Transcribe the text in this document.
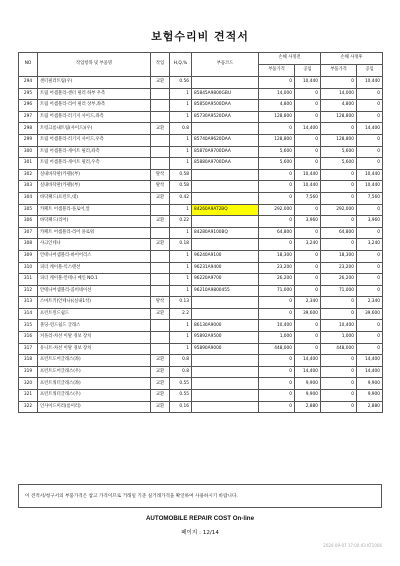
보험수리비 견적서
NO	작업항목 및 부품명	작업	H,Q,%	부품코드	손해 사정전		손해 사정후	
					부품가격	공임	부품가격	공임
294	센터필러트림(우)	교환	0.56		0	10,440	0	10,440
295	트림 어셈블리-센터 필러 하부 우측		1	85845A9800GBU	14,000	0	14,000	0
296	트림 어셈블리-리어 필러 상부,좌측		1	85850A9500DAA	4,800	0	4,800	0
297	트림 어셈블리-러기지 사이드,좌측		1	85730A9520DAA	128,800	0	128,800	0
298	트렁크룸내트림(사이드)(우)	교환	0.8		0	14,400	0	14,400
299	트림 어셈블리-러기지 사이드,우측		1	85740A9620DAA	128,800	0	128,800	0
300	트림 어셈블리-게이트 필러,좌측		1	85870A9700DAA	5,600	0	5,600	0
301	트림 어셈블리-게이트 필러,우측		1	85880A9700DAA	5,600	0	5,600	0
302	실내바닥판(카펫)(부)	탈착	0.58		0	10,440	0	10,440
303	실내바닥판(카펫)(부)	탈착	0.58		0	10,440	0	10,440
304	바닥패드(프런트,대)	교환	0.42		0	7,560	0	7,560
305	카페트 어셈블리-플로어,앞		1	84260A9AT2BQ	292,000	0	292,000	0
306	바닥패드(리어)	교환	0.22		0	3,960	0	3,960
307	카페트 어셈블리-리어 플로워		1	84280A9100BQ	64,800	0	64,800	0
308	샤크안테나	교환	0.18		0	3,240	0	3,240
309	안테나어셈블리-바이어리스		1	96240A9100	18,300	0	18,300	0
310	피더 케이블-익스텐션		1	96231A9400	23,200	0	23,200	0
311	피더 케이블-안테나 메인 NO.1		1	96220A9700	26,200	0	26,200	0
312	안테나어셈블리-콤비네이션		1	96210A9800455	71,000	0	71,000	0
313	스마트키(안테나)(실내1착)	탈착	0.13		0	2,340	0	2,340
314	프런트윈드쉴드	교환	2.2		0	39,600	0	39,600
315	몰딩-윈드쉴드 글래스		1	86130A9000	10,400	0	10,400	0
316	커플러-차선 이탈 경보 장치		1	95892A9500	1,000	0	1,000	0
317	유니트-차선 이탈 경보 장치		1	95890A9000	448,000	0	448,000	0
318	프런트도어글래스(좌)	교환	0.8		0	14,400	0	14,400
319	프런트도어글래스(우)	교환	0.8		0	14,400	0	14,400
320	프런트쿼터글래스(좌)	교환	0.55		0	9,900	0	9,900
321	프런트쿼터글래스(우)	교환	0.55		0	9,900	0	9,900
322	인사이드미러(룸미러)	교환	0.16		0	2,880	0	2,880
이 견적서/청구서의 부품가격은 참고 가격이므로 거래일 기준 실거래가격을 확인하여 사용하시기 바랍니다.
AUTOMOBILE REPAIR COST On-line
페이지 : 12/14
2020-09-07 17:00:43 KT1006
